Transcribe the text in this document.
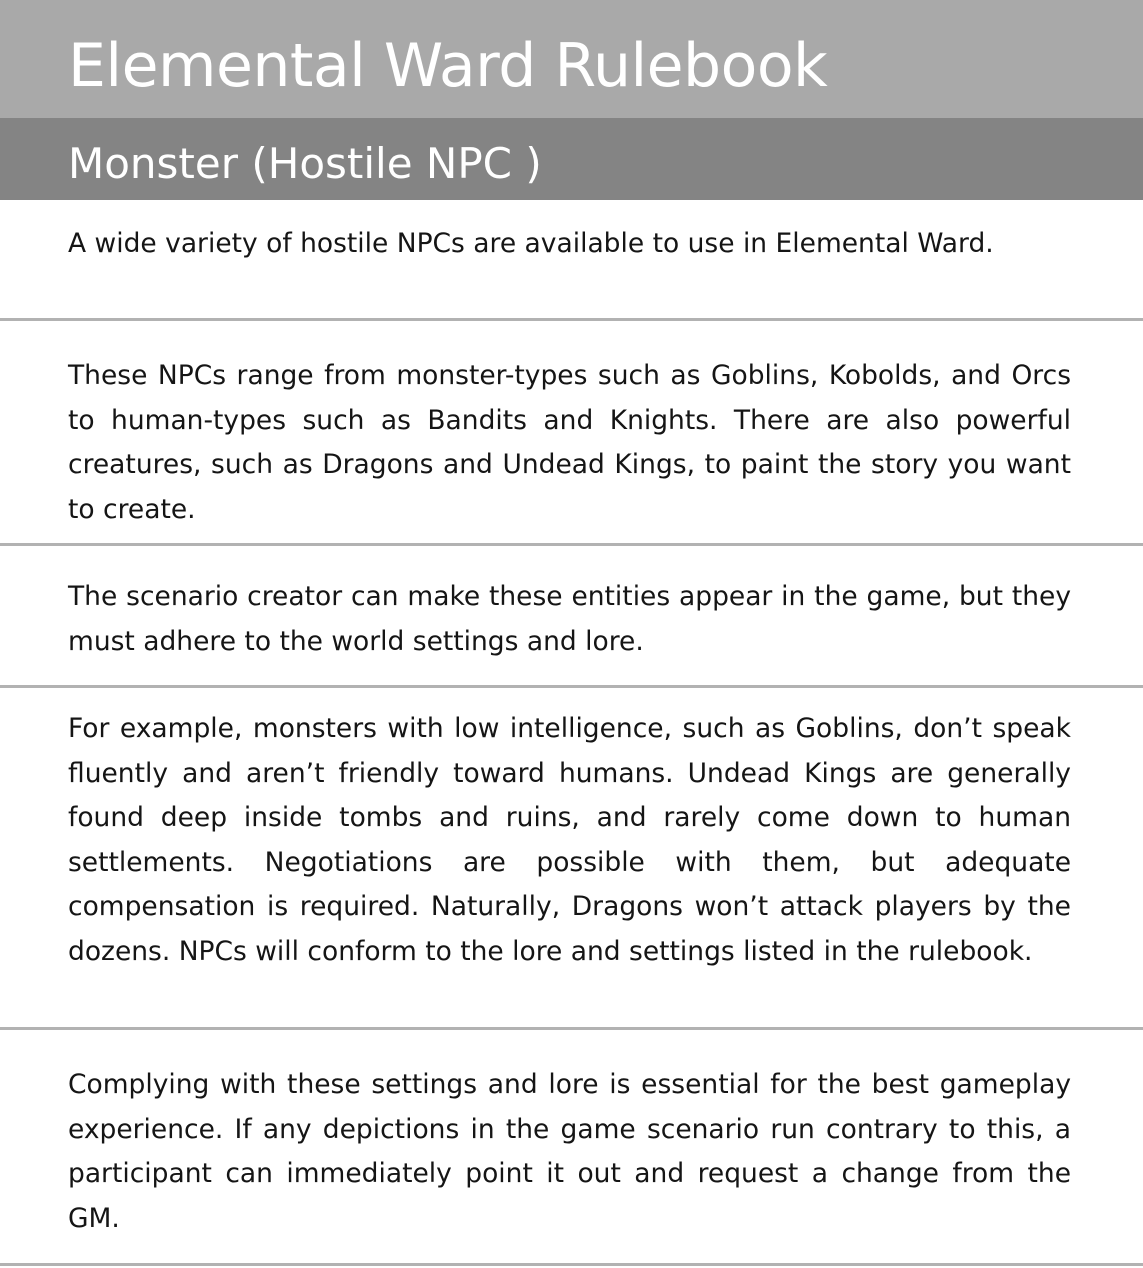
Elemental Ward Rulebook
Monster (Hostile NPC )
A wide variety of hostile NPCs are available to use in Elemental Ward.
These NPCs range from monster-types such as Goblins, Kobolds, and Orcs to human-types such as Bandits and Knights. There are also powerful creatures, such as Dragons and Undead Kings, to paint the story you want to create.
The scenario creator can make these entities appear in the game, but they must adhere to the world settings and lore.
For example, monsters with low intelligence, such as Goblins, don’t speak fluently and aren’t friendly toward humans. Undead Kings are generally found deep inside tombs and ruins, and rarely come down to human settlements. Negotiations are possible with them, but adequate compensation is required. Naturally, Dragons won’t attack players by the dozens. NPCs will conform to the lore and settings listed in the rulebook.
Complying with these settings and lore is essential for the best gameplay experience. If any depictions in the game scenario run contrary to this, a participant can immediately point it out and request a change from the GM.
